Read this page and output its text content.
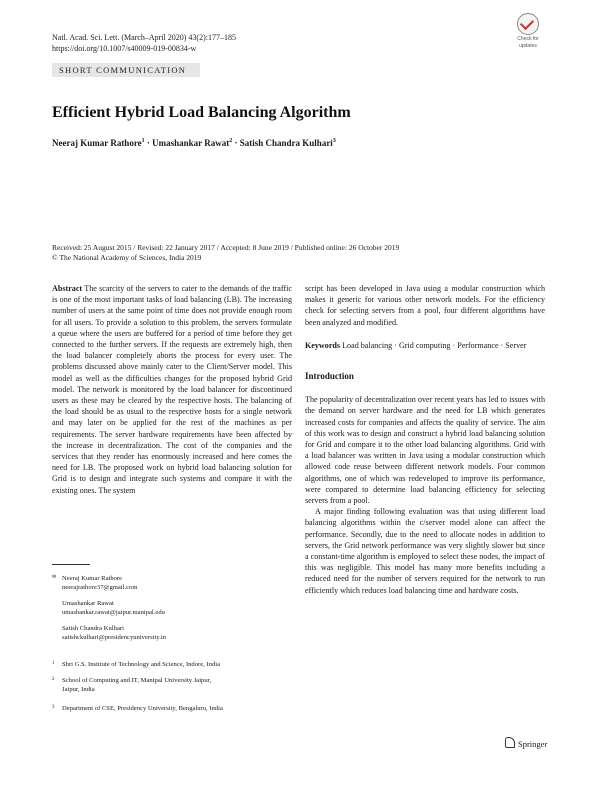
Natl. Acad. Sci. Lett. (March–April 2020) 43(2):177–185
https://doi.org/10.1007/s40009-019-00834-w
Check for
updates
SHORT COMMUNICATION
Efficient Hybrid Load Balancing Algorithm
Neeraj Kumar Rathore$^1$ · Umashankar Rawat$^2$ · Satish Chandra Kulhari$^3$
Received: 25 August 2015 / Revised: 22 January 2017 / Accepted: 8 June 2019 / Published online: 26 October 2019
© The National Academy of Sciences, India 2019

Abstract The scarcity of the servers to cater to the demands of the traffic is one of the most important tasks of load balancing (LB). The increasing number of users at the same point of time does not provide enough room for all users. To provide a solution to this problem, the servers formulate a queue where the users are buffered for a period of time before they get connected to the further servers. If the requests are extremely high, then the load balancer completely aborts the process for every user. The problems discussed above mainly cater to the Client/Server model. This model as well as the difficulties changes for the proposed hybrid Grid model. The network is monitored by the load balancer for discontinued users as these may be cleared by the respective hosts. The balancing of the load should be as usual to the respective hosts for a single network and may later on be applied for the rest of the machines as per requirements. The server hardware requirements have been affected by the increase in decentralization. The cost of the companies and the services that they render has enormously increased and here comes the need for LB. The proposed work on hybrid load balancing solution for Grid is to design and integrate such systems and compare it with the existing ones. The system

script has been developed in Java using a modular construction which makes it generic for various other network models. For the efficiency check for selecting servers from a pool, four different algorithms have been analyzed and modified.

Keywords Load balancing · Grid computing · Performance · Server

Introduction

The popularity of decentralization over recent years has led to issues with the demand on server hardware and the need for LB which generates increased costs for companies and affects the quality of service. The aim of this work was to design and construct a hybrid load balancing solution for Grid and compare it to the other load balancing algorithms. Grid with a load balancer was written in Java using a modular construction which allowed code reuse between different network models. Four common algorithms, one of which was redeveloped to improve its performance, were compared to determine load balancing efficiency for selecting servers from a pool.

A major finding following evaluation was that using different load balancing algorithms within the c/server model alone can affect the performance. Secondly, due to the need to allocate nodes in addition to servers, the Grid network performance was very slightly slower but since a constant-time algorithm is employed to select these nodes, the impact of this was negligible. This model has many more benefits including a reduced need for the number of servers required for the network to run efficiently which reduces load balancing time and hardware costs.

✉ Neeraj Kumar Rathore
neerajrathore37@gmail.com
Umashankar Rawat
umashankar.rawat@jaipur.manipal.edu
Satish Chandra Kulhari
satishckulhari@presidencyuniversity.in
1 Shri G.S. Institute of Technology and Science, Indore, India
2 School of Computing and IT, Manipal University Jaipur,
Jaipur, India
3 Department of CSE, Presidency University, Bengaluru, India
Springer
